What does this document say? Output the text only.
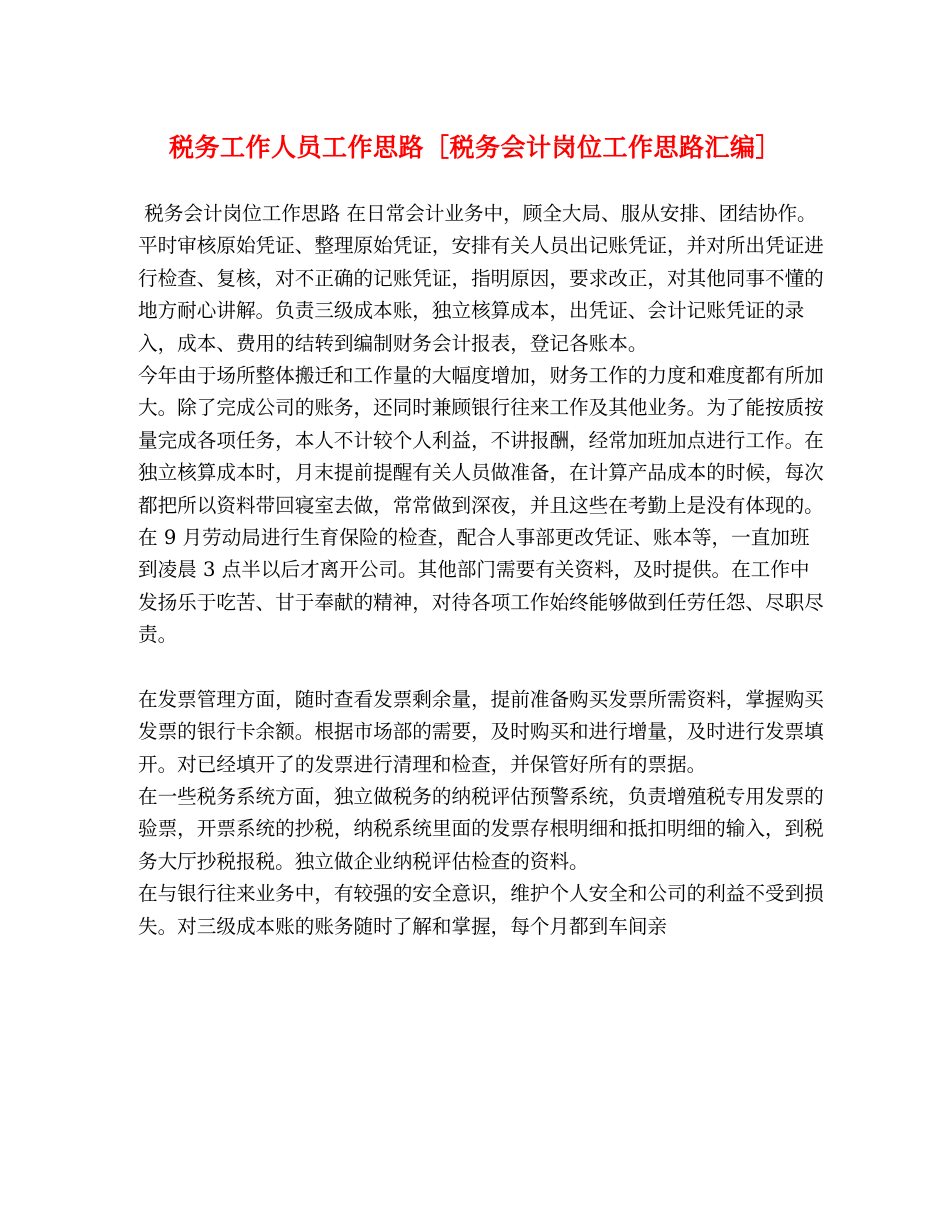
税务工作人员工作思路［税务会计岗位工作思路汇编］

税务会计岗位工作思路 在日常会计业务中，顾全大局、服从安排、团结协作。平时审核原始凭证、整理原始凭证，安排有关人员出记账凭证，并对所出凭证进行检查、复核，对不正确的记账凭证，指明原因，要求改正，对其他同事不懂的地方耐心讲解。负责三级成本账，独立核算成本，出凭证、会计记账凭证的录入，成本、费用的结转到编制财务会计报表，登记各账本。

今年由于场所整体搬迁和工作量的大幅度增加，财务工作的力度和难度都有所加大。除了完成公司的账务，还同时兼顾银行往来工作及其他业务。为了能按质按量完成各项任务，本人不计较个人利益，不讲报酬，经常加班加点进行工作。在独立核算成本时，月末提前提醒有关人员做准备，在计算产品成本的时候，每次都把所以资料带回寝室去做，常常做到深夜，并且这些在考勤上是没有体现的。在 9 月劳动局进行生育保险的检查，配合人事部更改凭证、账本等，一直加班到凌晨 3 点半以后才离开公司。其他部门需要有关资料，及时提供。在工作中发扬乐于吃苦、甘于奉献的精神，对待各项工作始终能够做到任劳任怨、尽职尽责。

在发票管理方面，随时查看发票剩余量，提前准备购买发票所需资料，掌握购买发票的银行卡余额。根据市场部的需要，及时购买和进行增量，及时进行发票填开。对已经填开了的发票进行清理和检查，并保管好所有的票据。

在一些税务系统方面，独立做税务的纳税评估预警系统，负责增殖税专用发票的验票，开票系统的抄税，纳税系统里面的发票存根明细和抵扣明细的输入，到税务大厅抄税报税。独立做企业纳税评估检查的资料。

在与银行往来业务中，有较强的安全意识，维护个人安全和公司的利益不受到损失。对三级成本账的账务随时了解和掌握，每个月都到车间亲
